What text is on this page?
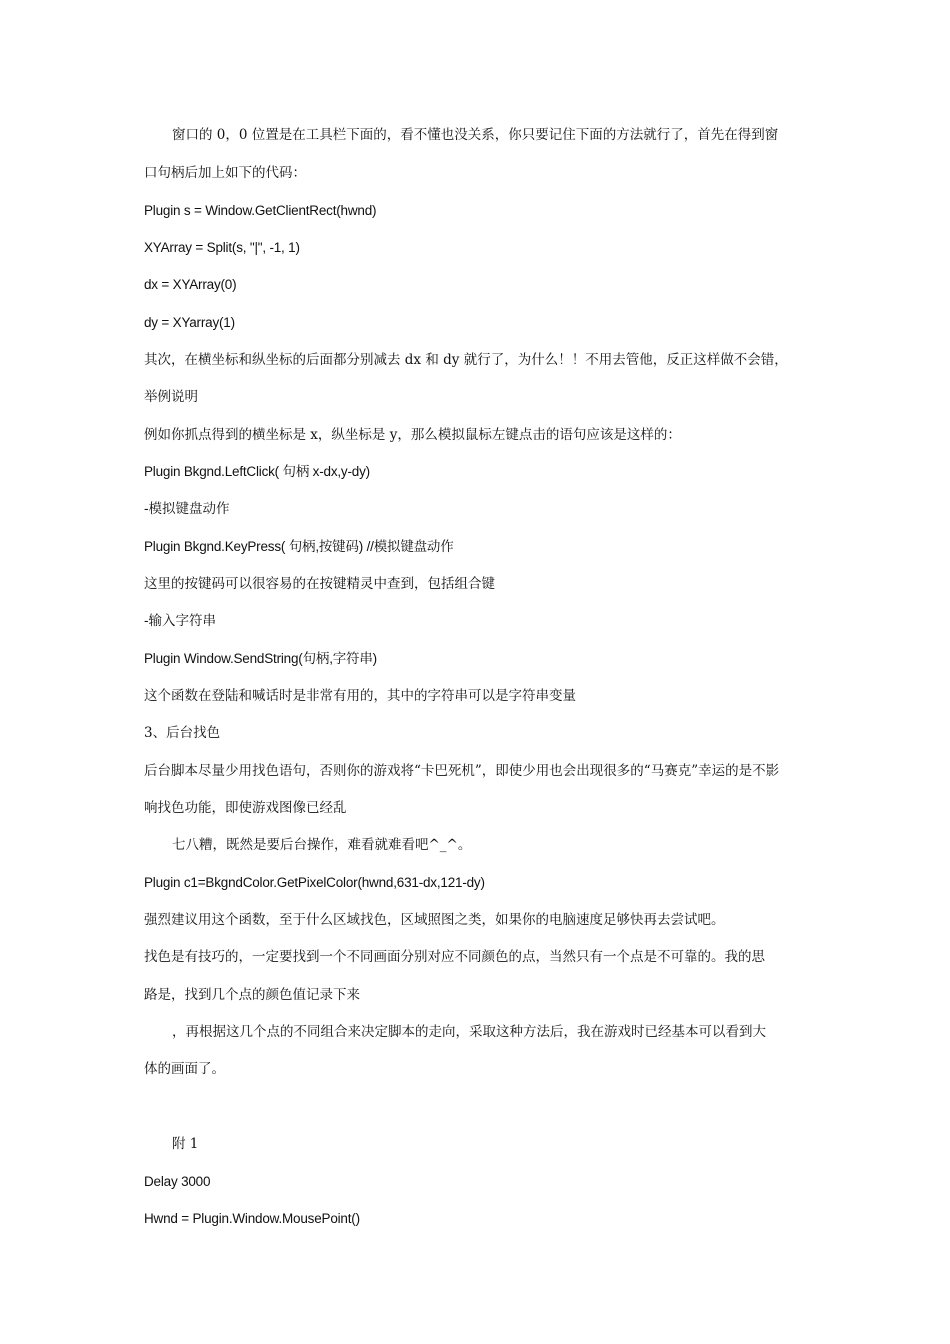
窗口的 0，0 位置是在工具栏下面的，看不懂也没关系，你只要记住下面的方法就行了，首先在得到窗
口句柄后加上如下的代码：
Plugin s = Window.GetClientRect(hwnd)
XYArray = Split(s, "|", -1, 1)
dx = XYArray(0)
dy = XYarray(1)
其次，在横坐标和纵坐标的后面都分别减去 dx 和 dy 就行了，为什么！！不用去管他，反正这样做不会错，
举例说明
例如你抓点得到的横坐标是 x，纵坐标是 y，那么模拟鼠标左键点击的语句应该是这样的：
Plugin Bkgnd.LeftClick( 句柄 x-dx,y-dy)
-模拟键盘动作
Plugin Bkgnd.KeyPress( 句柄,按键码) //模拟键盘动作
这里的按键码可以很容易的在按键精灵中查到，包括组合键
-输入字符串
Plugin Window.SendString(句柄,字符串)
这个函数在登陆和喊话时是非常有用的，其中的字符串可以是字符串变量
3、后台找色
后台脚本尽量少用找色语句，否则你的游戏将“卡巴死机”，即使少用也会出现很多的“马赛克”幸运的是不影
响找色功能，即使游戏图像已经乱
七八糟，既然是要后台操作，难看就难看吧^_^。
Plugin c1=BkgndColor.GetPixelColor(hwnd,631-dx,121-dy)
强烈建议用这个函数，至于什么区域找色，区域照图之类，如果你的电脑速度足够快再去尝试吧。
找色是有技巧的，一定要找到一个不同画面分别对应不同颜色的点，当然只有一个点是不可靠的。我的思
路是，找到几个点的颜色值记录下来
，再根据这几个点的不同组合来决定脚本的走向，采取这种方法后，我在游戏时已经基本可以看到大
体的画面了。
附 1
Delay 3000
Hwnd = Plugin.Window.MousePoint()
